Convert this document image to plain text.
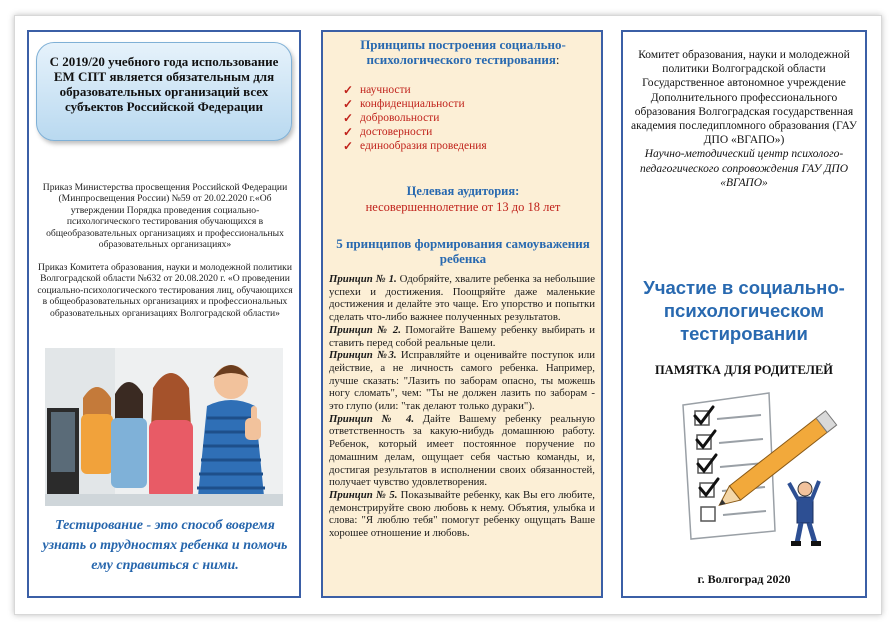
С 2019/20 учебного года использование ЕМ СПТ является обязательным для образовательных организаций всех субъектов Российской Федерации
Приказ Министерства просвещения Российской Федерации (Минпросвещения России) №59 от 20.02.2020 г.«Об утверждении Порядка проведения социально-психологического тестирования обучающихся в общеобразовательных организациях и профессиональных образовательных организациях»
Приказ Комитета образования, науки и молодежной политики Волгоградской области №632 от 20.08.2020 г. «О проведении социально-психологического тестирования лиц, обучающихся в общеобразовательных организациях и профессиональных образовательных организациях Волгоградской области»
Тестирование - это способ вовремя узнать о трудностях ребенка и помочь ему справиться с ними.
Принципы построения социально-психологического тестирования:
✓ научности
✓ конфиденциальности
✓ добровольности
✓ достоверности
✓ единообразия проведения
Целевая аудитория:
несовершеннолетние от 13 до 18 лет
5 принципов формирования самоуважения ребенка

Принцип № 1. Одобряйте, хвалите ребенка за небольшие успехи и достижения. Поощряйте даже маленькие достижения и делайте это чаще. Его упорство и попытки сделать что-либо важнее полученных результатов.

Принцип № 2. Помогайте Вашему ребенку выбирать и ставить перед собой реальные цели.

Принцип №3. Исправляйте и оценивайте поступок или действие, а не личность самого ребенка. Например, лучше сказать: "Лазить по заборам опасно, ты можешь ногу сломать", чем: "Ты не должен лазить по заборам - это глупо (или: "так делают только дураки").

Принцип № 4. Дайте Вашему ребенку реальную ответственность за какую-нибудь домашнюю работу. Ребенок, который имеет постоянное поручение по домашним делам, ощущает себя частью команды, и, достигая результатов в исполнении своих обязанностей, получает чувство удовлетворения.

Принцип № 5. Показывайте ребенку, как Вы его любите, демонстрируйте свою любовь к нему. Объятия, улыбка и слова: "Я люблю тебя" помогут ребенку ощущать Ваше хорошее отношение и любовь.

Комитет образования, науки и молодежной политики Волгоградской области Государственное автономное учреждение Дополнительного профессионального образования Волгоградская государственная академия последипломного образования (ГАУ ДПО «ВГАПО»)
Научно-методический центр психолого-педагогического сопровождения ГАУ ДПО «ВГАПО»
Участие в социально-психологическом тестировании
ПАМЯТКА ДЛЯ РОДИТЕЛЕЙ
г. Волгоград 2020
